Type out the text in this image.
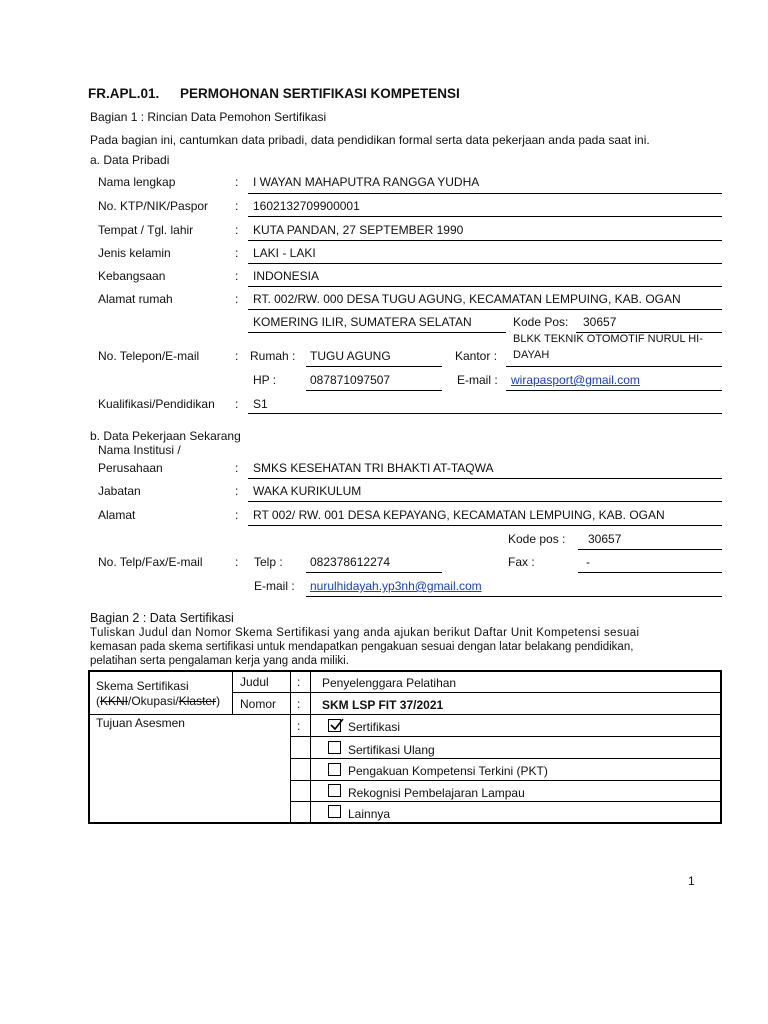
FR.APL.01. PERMOHONAN SERTIFIKASI KOMPETENSI
Bagian 1 : Rincian Data Pemohon Sertifikasi
Pada bagian ini, cantumkan data pribadi, data pendidikan formal serta data pekerjaan anda pada saat ini.
a. Data Pribadi
Nama lengkap	: I WAYAN MAHAPUTRA RANGGA YUDHA
No. KTP/NIK/Paspor : 1602132709900001
Tempat / Tgl. lahir	: KUTA PANDAN, 27 SEPTEMBER 1990
Jenis kelamin	: LAKI - LAKI
Kebangsaan	: INDONESIA
Alamat rumah	: RT. 002/RW. 000 DESA TUGU AGUNG, KECAMATAN LEMPUING, KAB. OGAN
KOMERING ILIR, SUMATERA SELATAN	Kode Pos: 30657
No. Telepon/E-mail	: Rumah : TUGU AGUNG	Kantor :
BLKK TEKNIK OTOMOTIF NURUL HI-
DAYAH
HP :	087871097507	E-mail : wirapasport@gmail.com
Kualifikasi/Pendidikan : S1
b. Data Pekerjaan Sekarang
Nama Institusi /
Perusahaan	: SMKS KESEHATAN TRI BHAKTI AT-TAQWA
Jabatan	: WAKA KURIKULUM
Alamat	: RT 002/ RW. 001 DESA KEPAYANG, KECAMATAN LEMPUING, KAB. OGAN
Kode pos : 30657
No. Telp/Fax/E-mail	: Telp : 082378612274	Fax :	-
E-mail : nurulhidayah.yp3nh@gmail.com
Bagian 2 : Data Sertifikasi
Tuliskan Judul dan Nomor Skema Sertifikasi yang anda ajukan berikut Daftar Unit Kompetensi sesuai
kemasan pada skema sertifikasi untuk mendapatkan pengakuan sesuai dengan latar belakang pendidikan,
pelatihan serta pengalaman kerja yang anda miliki.
Skema Sertifikasi
(KKNI/Okupasi/Klaster)
Judul : Penyelenggara Pelatihan
Nomor : SKM LSP FIT 37/2021
Tujuan Asesmen	:	Sertifikasi
Sertifikasi Ulang
Pengakuan Kompetensi Terkini (PKT)
Rekognisi Pembelajaran Lampau
Lainnya
1
